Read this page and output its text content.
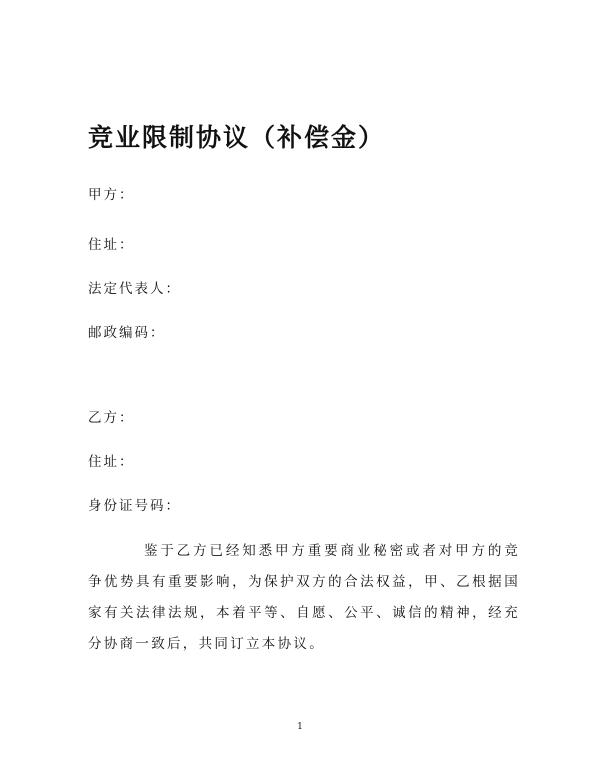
竞业限制协议（补偿金）

甲方：

住址：

法定代表人：

邮政编码：

乙方：

住址：

身份证号码：

鉴于乙方已经知悉甲方重要商业秘密或者对甲方的竞争优势具有重要影响，为保护双方的合法权益，甲、乙根据国家有关法律法规，本着平等、自愿、公平、诚信的精神，经充分协商一致后，共同订立本协议。

1
